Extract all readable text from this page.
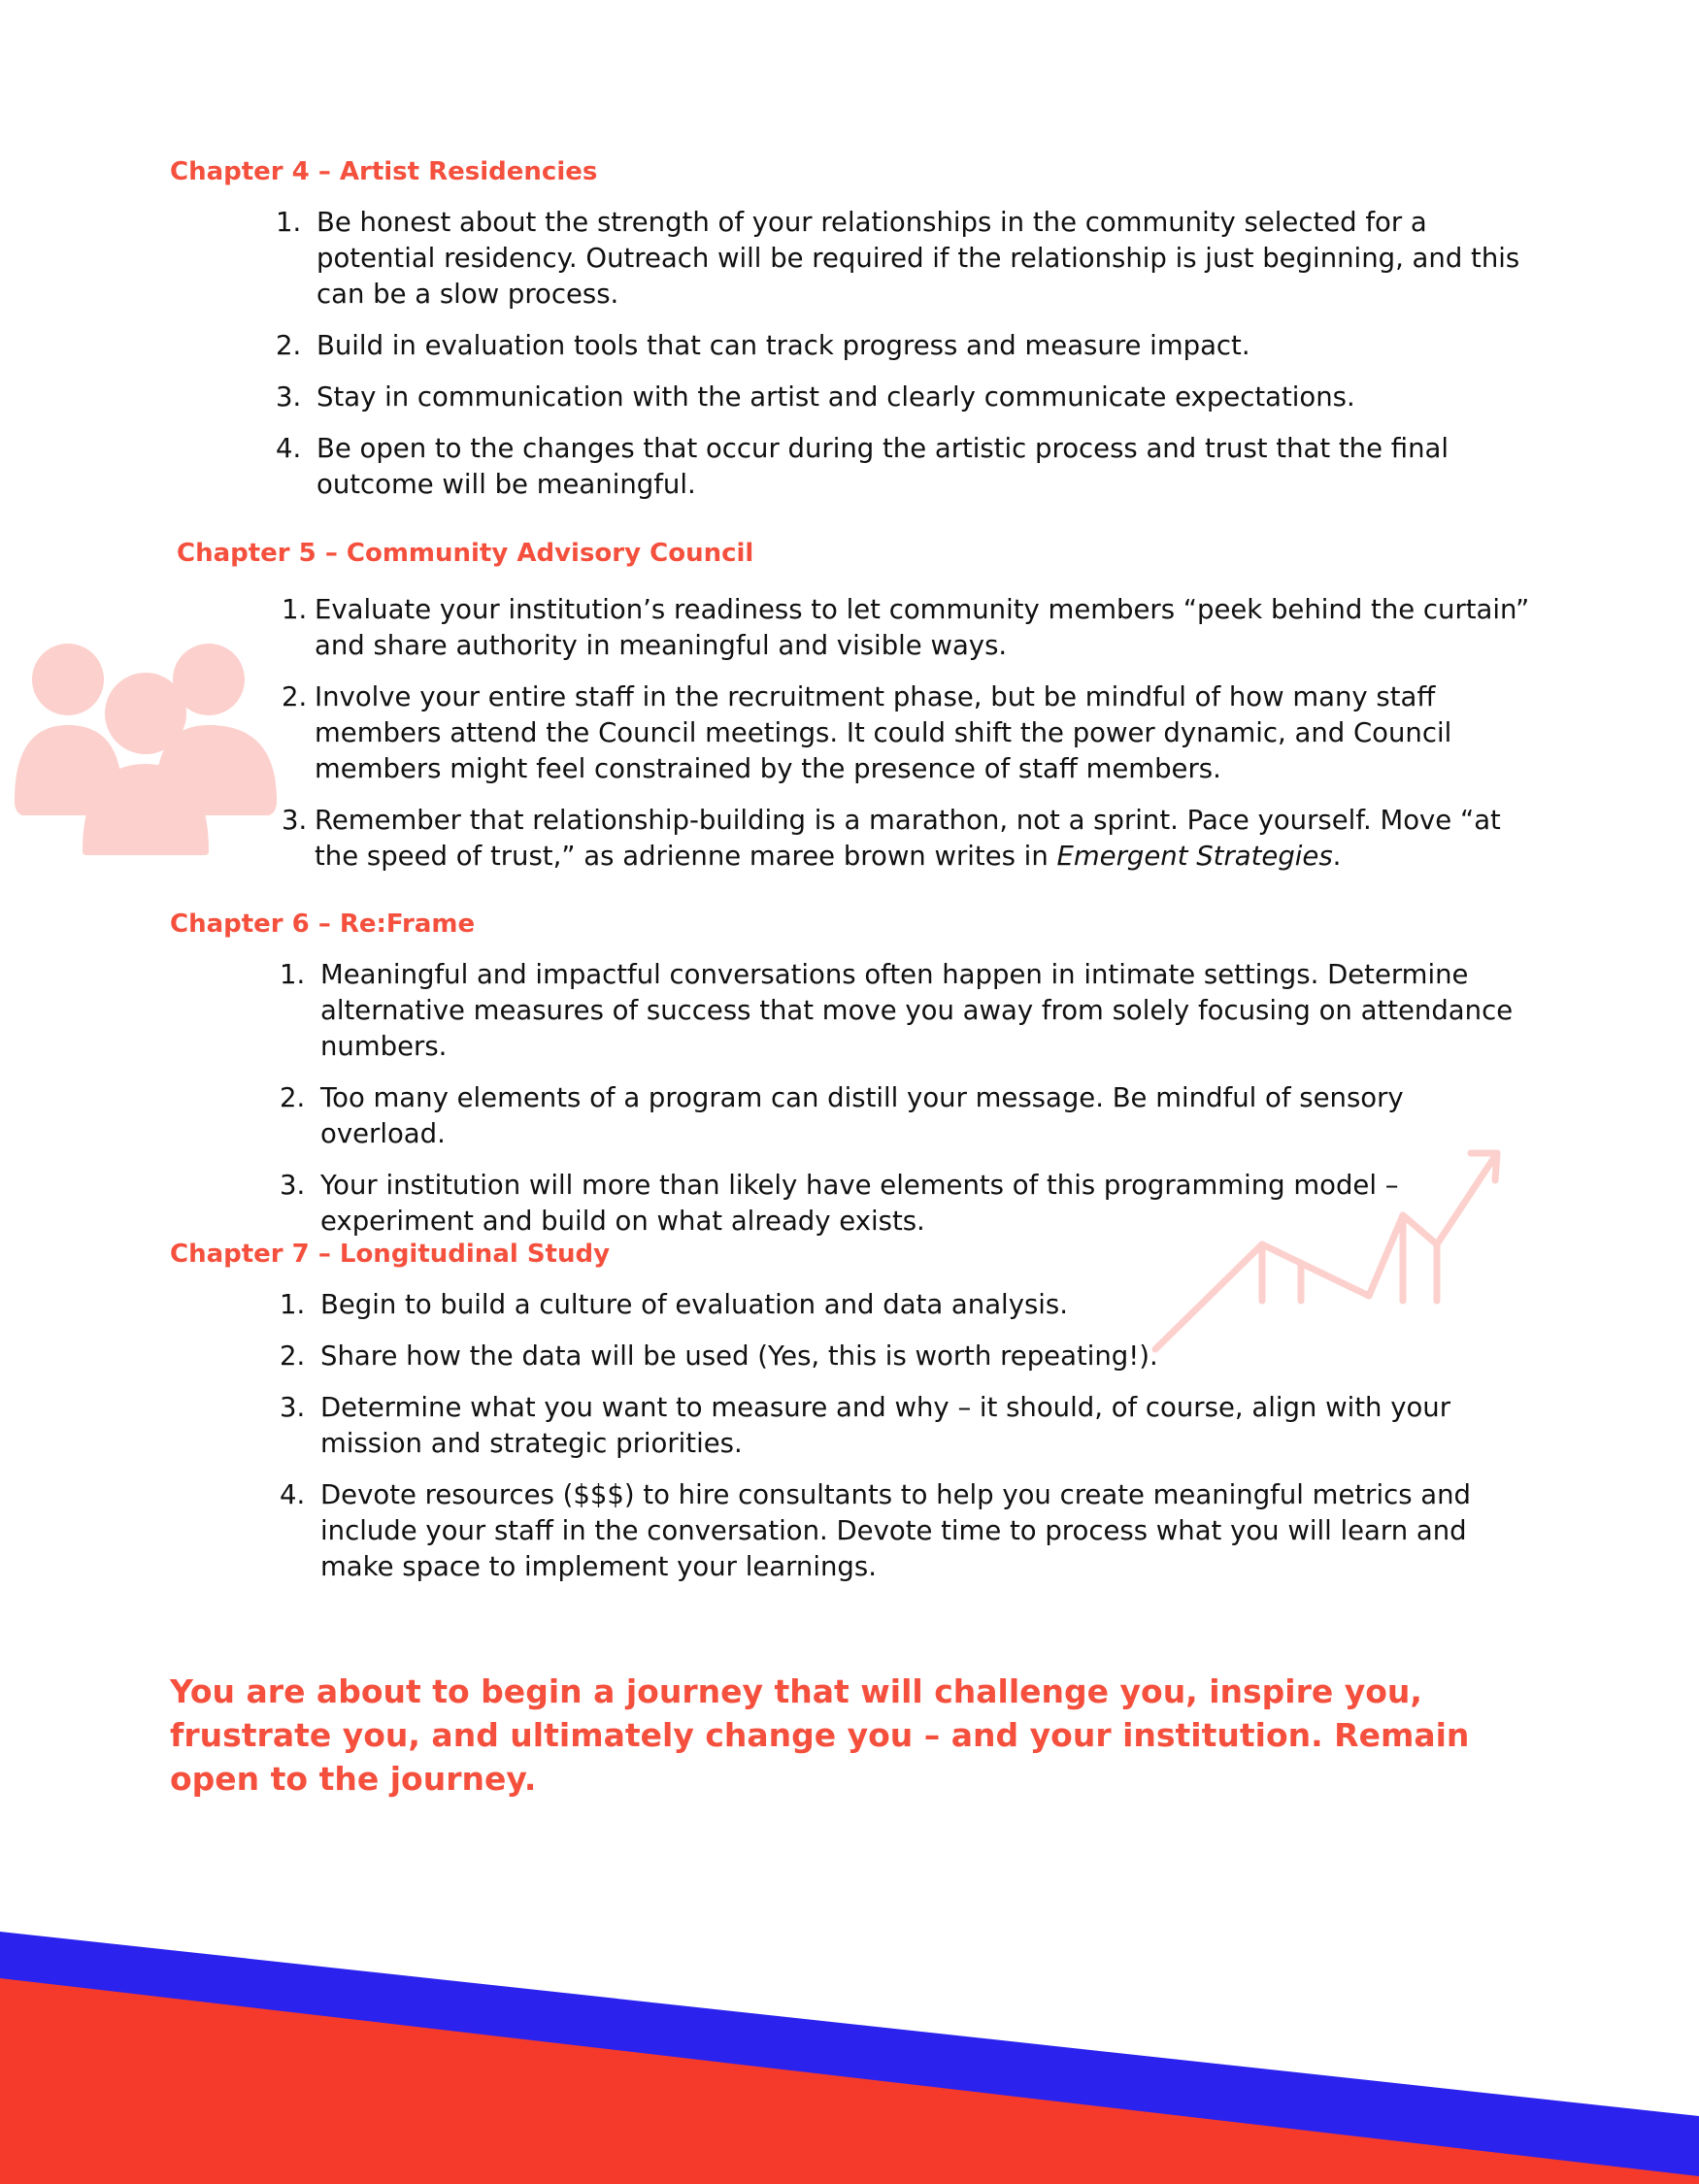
Chapter 4 – Artist Residencies
1. Be honest about the strength of your relationships in the community selected for a potential residency. Outreach will be required if the relationship is just beginning, and this can be a slow process.
2. Build in evaluation tools that can track progress and measure impact.
3. Stay in communication with the artist and clearly communicate expectations.
4. Be open to the changes that occur during the artistic process and trust that the final outcome will be meaningful.
Chapter 5 – Community Advisory Council
1. Evaluate your institution’s readiness to let community members “peek behind the curtain” and share authority in meaningful and visible ways.
2. Involve your entire staff in the recruitment phase, but be mindful of how many staff members attend the Council meetings. It could shift the power dynamic, and Council members might feel constrained by the presence of staff members.
3. Remember that relationship-building is a marathon, not a sprint. Pace yourself. Move “at the speed of trust,” as adrienne maree brown writes in Emergent Strategies.
Chapter 6 – Re:Frame
1. Meaningful and impactful conversations often happen in intimate settings. Determine alternative measures of success that move you away from solely focusing on attendance numbers.
2. Too many elements of a program can distill your message. Be mindful of sensory overload.
3. Your institution will more than likely have elements of this programming model – experiment and build on what already exists.
Chapter 7 – Longitudinal Study
1. Begin to build a culture of evaluation and data analysis.
2. Share how the data will be used (Yes, this is worth repeating!).
3. Determine what you want to measure and why – it should, of course, align with your mission and strategic priorities.
4. Devote resources ($$$) to hire consultants to help you create meaningful metrics and include your staff in the conversation. Devote time to process what you will learn and make space to implement your learnings.

You are about to begin a journey that will challenge you, inspire you, frustrate you, and ultimately change you – and your institution. Remain open to the journey.
